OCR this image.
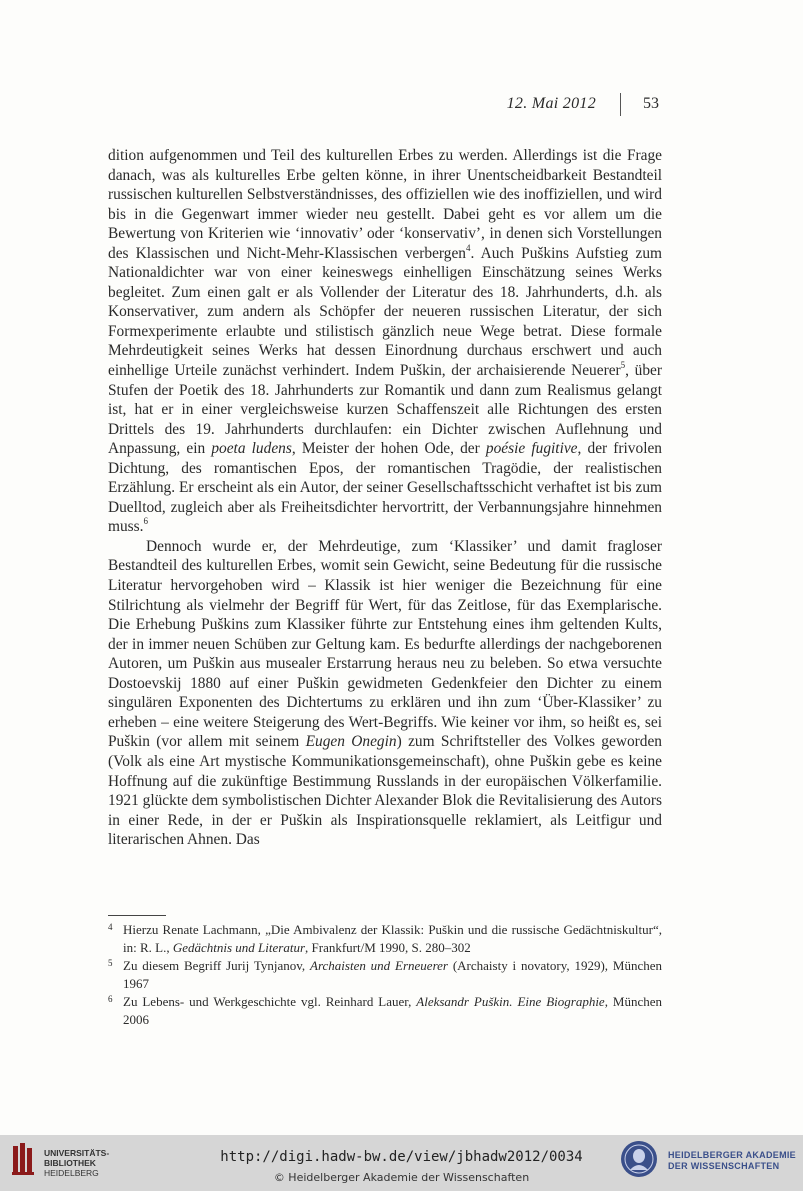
12. Mai 2012	53

dition aufgenommen und Teil des kulturellen Erbes zu werden. Allerdings ist die Frage danach, was als kulturelles Erbe gelten könne, in ihrer Unentscheidbarkeit Bestandteil russischen kulturellen Selbstverständnisses, des offiziellen wie des inoffiziellen, und wird bis in die Gegenwart immer wieder neu gestellt. Dabei geht es vor allem um die Bewertung von Kriterien wie ‘innovativ’ oder ‘konservativ’, in denen sich Vorstellungen des Klassischen und Nicht-Mehr-Klassischen verbergen$^4$. Auch Puškins Aufstieg zum Nationaldichter war von einer keineswegs einhelligen Einschätzung seines Werks begleitet. Zum einen galt er als Vollender der Literatur des 18. Jahrhunderts, d.h. als Konservativer, zum andern als Schöpfer der neueren russischen Literatur, der sich Formexperimente erlaubte und stilistisch gänzlich neue Wege betrat. Diese formale Mehrdeutigkeit seines Werks hat dessen Einordnung durchaus erschwert und auch einhellige Urteile zunächst verhindert. Indem Puškin, der archaisierende Neuerer$^5$, über Stufen der Poetik des 18. Jahrhunderts zur Romantik und dann zum Realismus gelangt ist, hat er in einer vergleichsweise kurzen Schaffenszeit alle Richtungen des ersten Drittels des 19. Jahrhunderts durchlaufen: ein Dichter zwischen Auflehnung und Anpassung, ein poeta ludens, Meister der hohen Ode, der poésie fugitive, der frivolen Dichtung, des romantischen Epos, der romantischen Tragödie, der realistischen Erzählung. Er erscheint als ein Autor, der seiner Gesellschaftsschicht verhaftet ist bis zum Duelltod, zugleich aber als Freiheitsdichter hervortritt, der Verbannungsjahre hinnehmen muss.$^6$

Dennoch wurde er, der Mehrdeutige, zum ‘Klassiker’ und damit fragloser Bestandteil des kulturellen Erbes, womit sein Gewicht, seine Bedeutung für die russische Literatur hervorgehoben wird – Klassik ist hier weniger die Bezeichnung für eine Stilrichtung als vielmehr der Begriff für Wert, für das Zeitlose, für das Exemplarische. Die Erhebung Puškins zum Klassiker führte zur Entstehung eines ihm geltenden Kults, der in immer neuen Schüben zur Geltung kam. Es bedurfte allerdings der nachgeborenen Autoren, um Puškin aus musealer Erstarrung heraus neu zu beleben. So etwa versuchte Dostoevskij 1880 auf einer Puškin gewidmeten Gedenkfeier den Dichter zu einem singulären Exponenten des Dichtertums zu erklären und ihn zum ‘Über-Klassiker’ zu erheben – eine weitere Steigerung des Wert-Begriffs. Wie keiner vor ihm, so heißt es, sei Puškin (vor allem mit seinem Eugen Onegin) zum Schriftsteller des Volkes geworden (Volk als eine Art mystische Kommunikationsgemeinschaft), ohne Puškin gebe es keine Hoffnung auf die zukünftige Bestimmung Russlands in der europäischen Völkerfamilie. 1921 glückte dem symbolistischen Dichter Alexander Blok die Revitalisierung des Autors in einer Rede, in der er Puškin als Inspirationsquelle reklamiert, als Leitfigur und literarischen Ahnen. Das

4 Hierzu Renate Lachmann, „Die Ambivalenz der Klassik: Puškin und die russische Gedächtniskultur“, in: R. L., Gedächtnis und Literatur, Frankfurt/M 1990, S. 280–302
5 Zu diesem Begriff Jurij Tynjanov, Archaisten und Erneuerer (Archaisty i novatory, 1929), München 1967
6 Zu Lebens- und Werkgeschichte vgl. Reinhard Lauer, Aleksandr Puškin. Eine Biographie, München 2006
UNIVERSITÄTS-
BIBLIOTHEK
HEIDELBERG
http://digi.hadw-bw.de/view/jbhadw2012/0034
© Heidelberger Akademie der Wissenschaften
HEIDELBERGER AKADEMIE
DER WISSENSCHAFTEN
